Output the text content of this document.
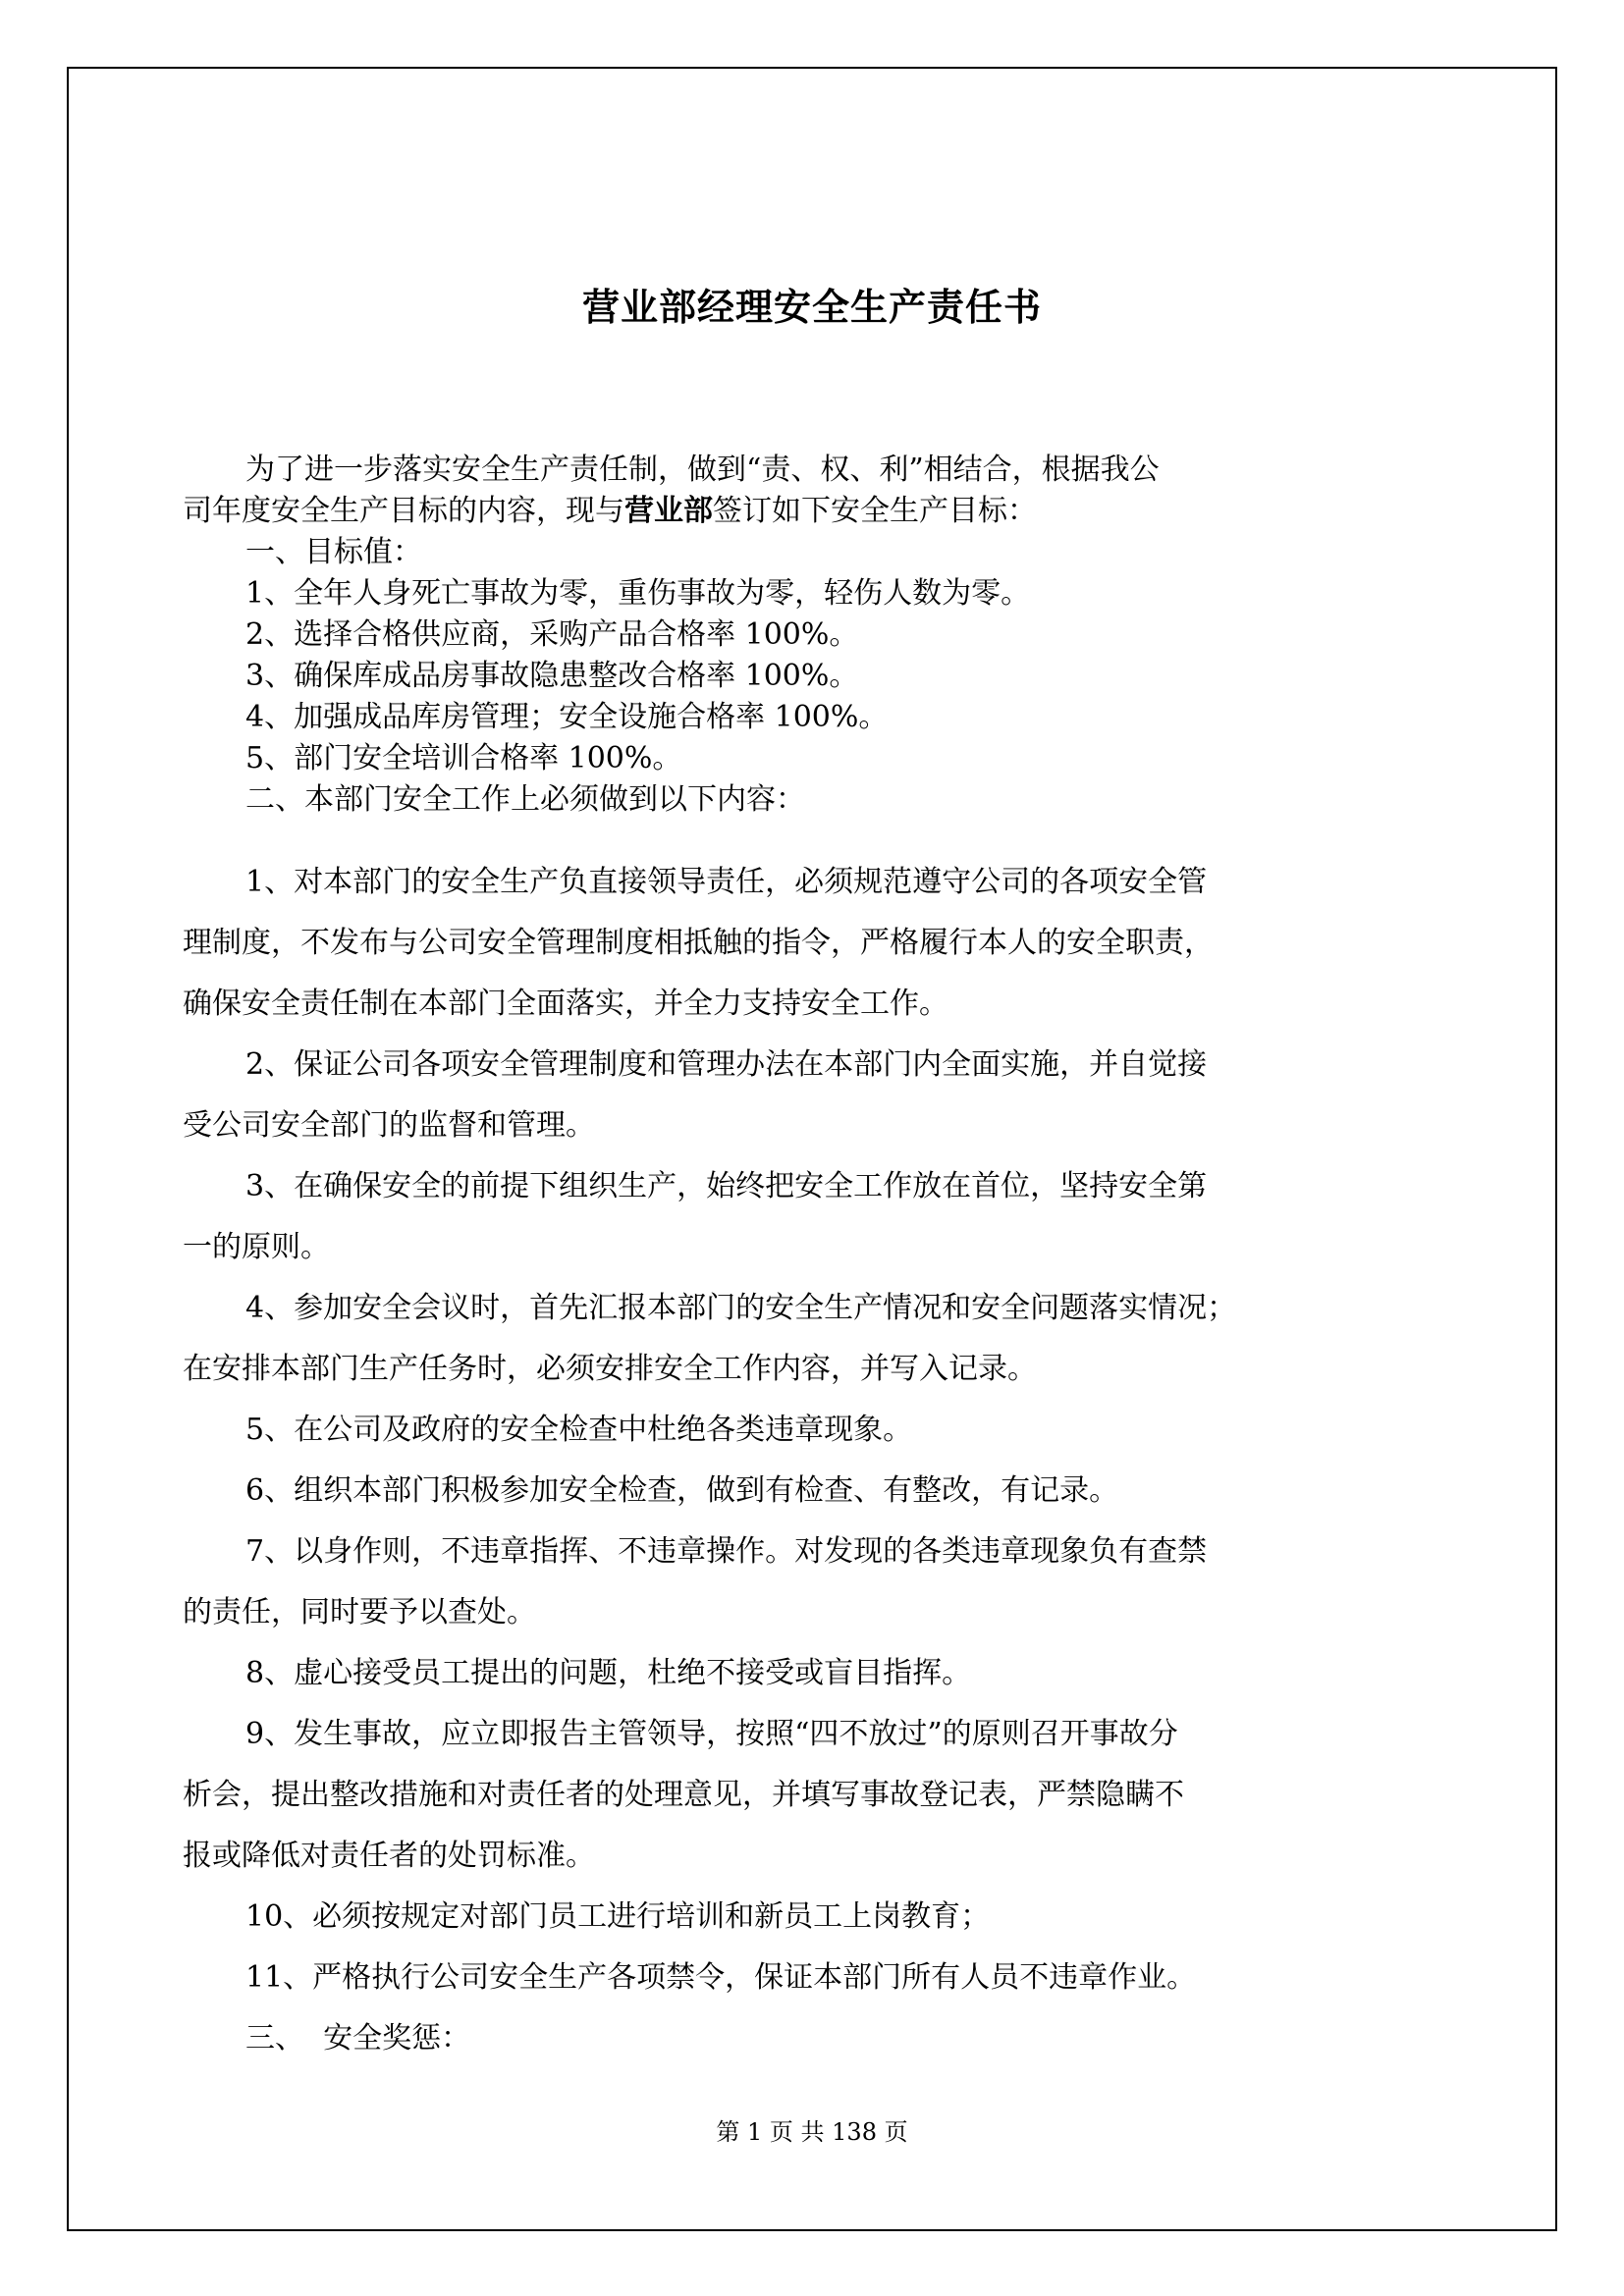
营业部经理安全生产责任书

为了进一步落实安全生产责任制，做到“责、权、利”相结合，根据我公

司年度安全生产目标的内容，现与营业部签订如下安全生产目标：

一、目标值：

1、全年人身死亡事故为零，重伤事故为零，轻伤人数为零。

2、选择合格供应商，采购产品合格率 100%。

3、确保库成品房事故隐患整改合格率 100%。

4、加强成品库房管理；安全设施合格率 100%。

5、部门安全培训合格率 100%。

二、本部门安全工作上必须做到以下内容：

1、对本部门的安全生产负直接领导责任，必须规范遵守公司的各项安全管

理制度，不发布与公司安全管理制度相抵触的指令，严格履行本人的安全职责，

确保安全责任制在本部门全面落实，并全力支持安全工作。

2、保证公司各项安全管理制度和管理办法在本部门内全面实施，并自觉接

受公司安全部门的监督和管理。

3、在确保安全的前提下组织生产，始终把安全工作放在首位，坚持安全第

一的原则。

4、参加安全会议时，首先汇报本部门的安全生产情况和安全问题落实情况；

在安排本部门生产任务时，必须安排安全工作内容，并写入记录。

5、在公司及政府的安全检查中杜绝各类违章现象。

6、组织本部门积极参加安全检查，做到有检查、有整改，有记录。

7、以身作则，不违章指挥、不违章操作。对发现的各类违章现象负有查禁

的责任，同时要予以查处。

8、虚心接受员工提出的问题，杜绝不接受或盲目指挥。

9、发生事故，应立即报告主管领导，按照“四不放过”的原则召开事故分

析会，提出整改措施和对责任者的处理意见，并填写事故登记表，严禁隐瞒不

报或降低对责任者的处罚标准。

10、必须按规定对部门员工进行培训和新员工上岗教育；

11、严格执行公司安全生产各项禁令，保证本部门所有人员不违章作业。

三、  安全奖惩：

第 1 页 共 138 页
